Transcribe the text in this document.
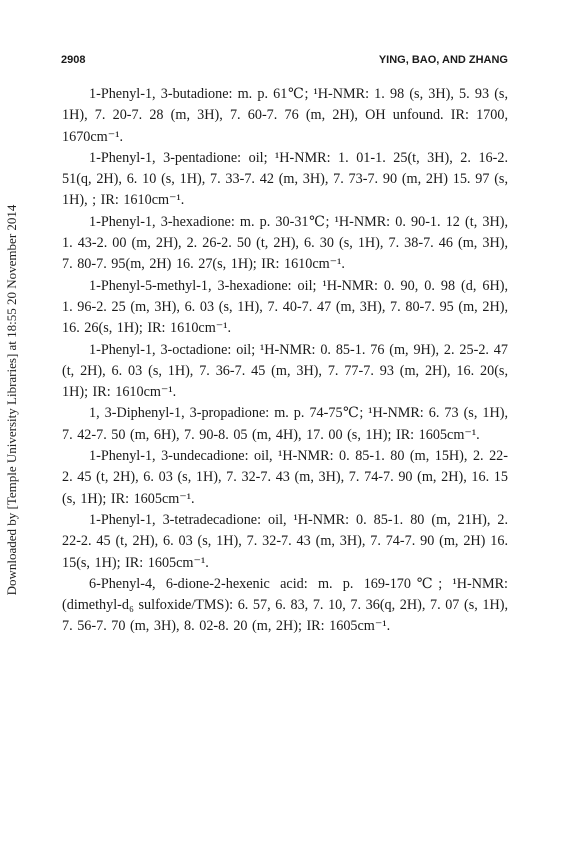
Downloaded by [Temple University Libraries] at 18:55 20 November 2014
2908	YING, BAO, AND ZHANG

1-Phenyl-1, 3-butadione: m. p. 61℃; ¹H-NMR: 1. 98 (s, 3H), 5. 93 (s, 1H), 7. 20-7. 28 (m, 3H), 7. 60-7. 76 (m, 2H), OH unfound. IR: 1700, 1670cm⁻¹.

1-Phenyl-1, 3-pentadione: oil; ¹H-NMR: 1. 01-1. 25(t, 3H), 2. 16-2. 51(q, 2H), 6. 10 (s, 1H), 7. 33-7. 42 (m, 3H), 7. 73-7. 90 (m, 2H) 15. 97 (s, 1H), ; IR: 1610cm⁻¹.

1-Phenyl-1, 3-hexadione: m. p. 30-31℃; ¹H-NMR: 0. 90-1. 12 (t, 3H), 1. 43-2. 00 (m, 2H), 2. 26-2. 50 (t, 2H), 6. 30 (s, 1H), 7. 38-7. 46 (m, 3H), 7. 80-7. 95(m, 2H) 16. 27(s, 1H); IR: 1610cm⁻¹.

1-Phenyl-5-methyl-1, 3-hexadione: oil; ¹H-NMR: 0. 90, 0. 98 (d, 6H), 1. 96-2. 25 (m, 3H), 6. 03 (s, 1H), 7. 40-7. 47 (m, 3H), 7. 80-7. 95 (m, 2H), 16. 26(s, 1H); IR: 1610cm⁻¹.

1-Phenyl-1, 3-octadione: oil; ¹H-NMR: 0. 85-1. 76 (m, 9H), 2. 25-2. 47 (t, 2H), 6. 03 (s, 1H), 7. 36-7. 45 (m, 3H), 7. 77-7. 93 (m, 2H), 16. 20(s, 1H); IR: 1610cm⁻¹.

1, 3-Diphenyl-1, 3-propadione: m. p. 74-75℃; ¹H-NMR: 6. 73 (s, 1H), 7. 42-7. 50 (m, 6H), 7. 90-8. 05 (m, 4H), 17. 00 (s, 1H); IR: 1605cm⁻¹.

1-Phenyl-1, 3-undecadione: oil, ¹H-NMR: 0. 85-1. 80 (m, 15H), 2. 22-2. 45 (t, 2H), 6. 03 (s, 1H), 7. 32-7. 43 (m, 3H), 7. 74-7. 90 (m, 2H), 16. 15 (s, 1H); IR: 1605cm⁻¹.

1-Phenyl-1, 3-tetradecadione: oil, ¹H-NMR: 0. 85-1. 80 (m, 21H), 2. 22-2. 45 (t, 2H), 6. 03 (s, 1H), 7. 32-7. 43 (m, 3H), 7. 74-7. 90 (m, 2H) 16. 15(s, 1H); IR: 1605cm⁻¹.

6-Phenyl-4, 6-dione-2-hexenic acid: m. p. 169-170℃; ¹H-NMR: (dimethyl-d₆ sulfoxide/TMS): 6. 57, 6. 83, 7. 10, 7. 36(q, 2H), 7. 07 (s, 1H), 7. 56-7. 70 (m, 3H), 8. 02-8. 20 (m, 2H); IR: 1605cm⁻¹.
